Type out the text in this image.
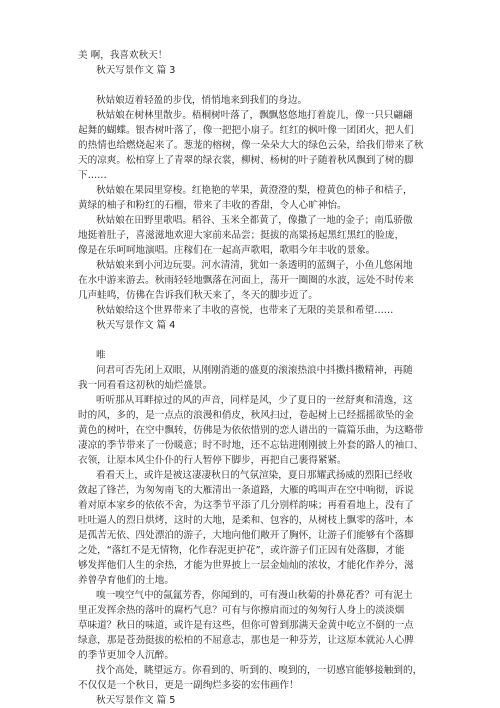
美 啊，我喜欢秋天！
秋天写景作文 篇 3
秋姑娘迈着轻盈的步伐，悄悄地来到我们的身边。
秋姑娘在树林里散步。梧桐树叶落了，飘飘悠悠地打着旋儿，像一只只翩翩
起舞的蝴蝶。银杏树叶落了，像一把把小扇子。红红的枫叶像一团团火，把人们
的热情也给燃烧起来了。葱茏的榕树，像一朵朵大大的绿色云朵，给我们带来了秋
天的凉爽。松柏穿上了青翠的绿衣裳，柳树、杨树的叶子随着秋风飘到了树的脚
下……
秋姑娘在果园里穿梭。红艳艳的苹果，黄澄澄的梨，橙黄色的柿子和桔子，
黄绿的柚子和粉红的石榴，带来了丰收的香甜，令人心旷神怡。
秋姑娘在田野里歌唱。稻谷、玉米全都黄了，像撒了一地的金子；南瓜骄傲
地挺着肚子，喜滋滋地欢迎大家前来品尝；挺拔的高粱扬起黑红黑红的脸庞，
像是在乐呵呵地演唱。庄稼们在一起高声歌唱，歌唱今年丰收的景象。
秋姑娘来到小河边玩耍。河水清清，犹如一条透明的蓝绸子，小鱼儿悠闲地
在水中游来游去。秋雨轻轻地飘落在河面上，荡开一圈圈的水波，远处不时传来
几声蛙鸣，仿佛在告诉我们秋天来了，冬天的脚步近了。
秋姑娘给这个世界带来了丰收的喜悦，也带来了无限的美景和希望……
秋天写景作文 篇 4
唯
问君可否先闭上双眼，从刚刚消逝的盛夏的滚滚热浪中抖擞抖擞精神，再随
我一同看看这初秋的灿烂盛景。
听听那从耳畔掠过的风的声音，同样是风，少了夏日的一丝舒爽和清逸，这
时的风，多的，是一点点的浪漫和俏皮，秋风扫过，卷起树上已经摇摇欲坠的金
黄色的树叶，在空中飘转，仿佛是为依依惜别的恋人谱出的一篇篇乐曲，为这略带
凄凉的季节带来了一份暖意；时不时地，还不忘钻进刚刚披上外套的路人的袖口、
衣领，让原本风尘仆仆的行人暂停下脚步，再把自己裹得紧紧。
看看天上，或许是被这凄凄秋日的气氛渲染，夏日那耀武扬威的烈阳已经收
敛起了锋芒，为匆匆南飞的大雁清出一条道路，大雁的鸣叫声在空中响彻，诉说
着对原本家乡的依依不舍，为这季节平添了几分别样韵味；再看看地上，没有了
吐吐逼人的烈日烘烤，这时的大地，是柔和、包容的，从树枝上飘零的落叶，本
是孤苦无依、四处漂泊的游子，大地向他们敞开了胸怀，让游子们能够有个落脚
之处，“落红不是无情物，化作春泥更护花”，或许游子们正因有处落脚，才能
够发挥他们人生的余热，才能为世界披上一层金灿灿的浓妆，才能化作养分，滋
养曾孕育他们的土地。
嗅一嗅空气中的氤氲芳香，你闻到的，可有漫山秋菊的扑鼻花香？可有泥土
里正发挥余热的落叶的腐朽气息？可有与你擦肩而过的匆匆行人身上的淡淡烟
草味道？秋日的味道，或许是有这些，但你可曾到那满天金黄中屹立不倒的一点
绿意，那是苍劲挺拔的松柏的不屈意志，那也是一种芬芳，让这原本就沁人心脾
的季节更加令人沉醉。
找个高处，眺望远方。你看到的、听到的、嗅到的，一切感官能够接触到的，
不仅仅是一个秋日，更是一副绚烂多姿的宏伟画作！
秋天写景作文 篇 5
